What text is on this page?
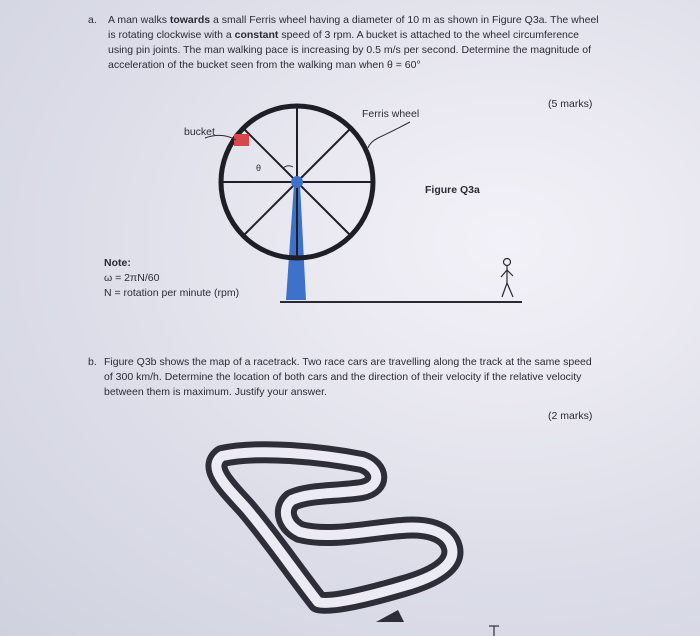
a. A man walks towards a small Ferris wheel having a diameter of 10 m as shown in Figure Q3a. The wheel is rotating clockwise with a constant speed of 3 rpm. A bucket is attached to the wheel circumference using pin joints. The man walking pace is increasing by 0.5 m/s per second. Determine the magnitude of acceleration of the bucket seen from the walking man when θ = 60°

(5 marks)
Ferris wheel
bucket
θ
Figure Q3a
Note:
ω = 2πN/60
N = rotation per minute (rpm)
b. Figure Q3b shows the map of a racetrack. Two race cars are travelling along the track at the same speed of 300 km/h. Determine the location of both cars and the direction of their velocity if the relative velocity between them is maximum. Justify your answer.

(2 marks)
